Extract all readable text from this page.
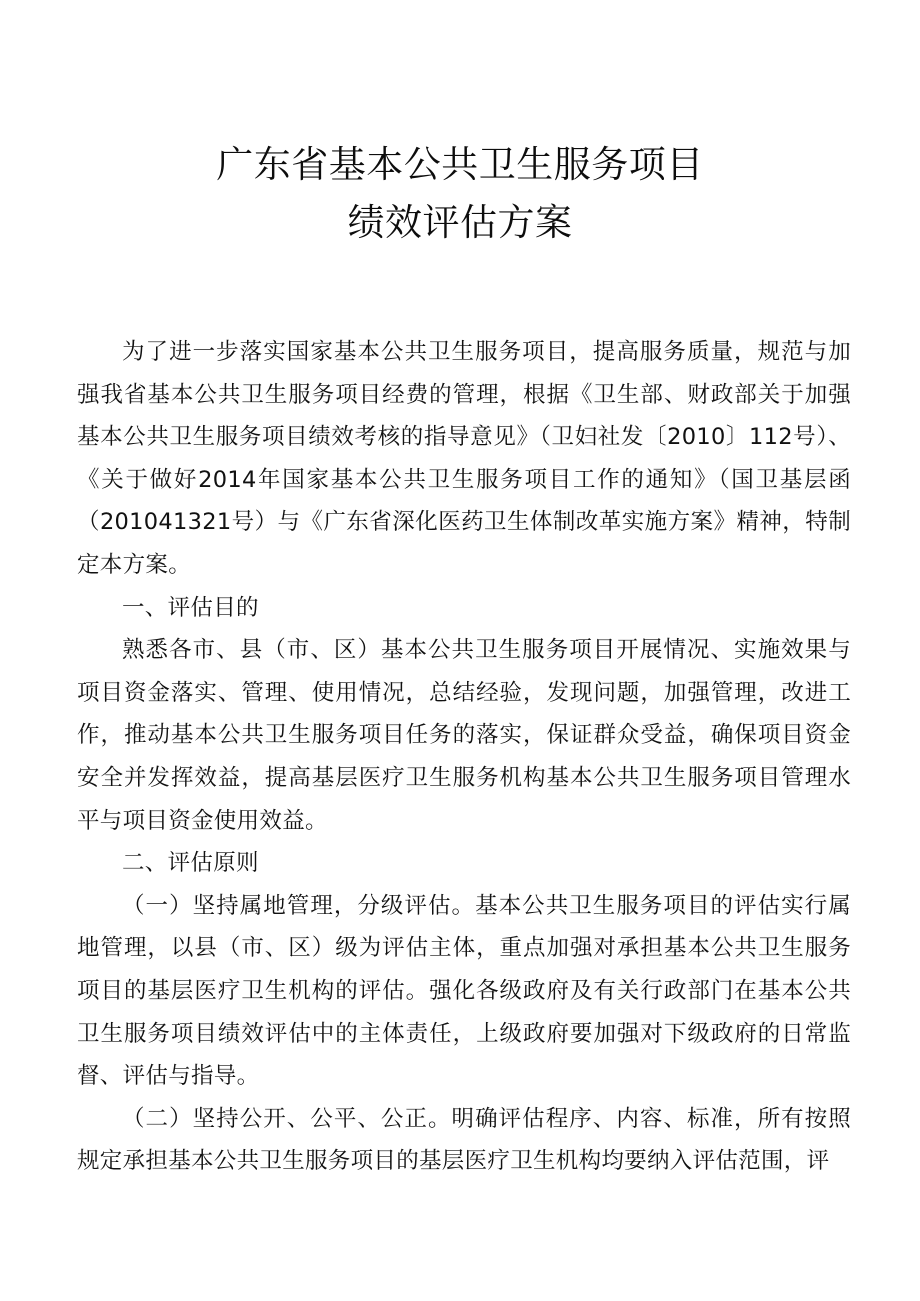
广东省基本公共卫生服务项目
绩效评估方案

为了进一步落实国家基本公共卫生服务项目，提高服务质量，规范与加强我省基本公共卫生服务项目经费的管理，根据《卫生部、财政部关于加强基本公共卫生服务项目绩效考核的指导意见》（卫妇社发〔2010〕112号）、《关于做好2014年国家基本公共卫生服务项目工作的通知》（国卫基层函（201041321号）与《广东省深化医药卫生体制改革实施方案》精神，特制定本方案。

一、评估目的

熟悉各市、县（市、区）基本公共卫生服务项目开展情况、实施效果与项目资金落实、管理、使用情况，总结经验，发现问题，加强管理，改进工作，推动基本公共卫生服务项目任务的落实，保证群众受益，确保项目资金安全并发挥效益，提高基层医疗卫生服务机构基本公共卫生服务项目管理水平与项目资金使用效益。

二、评估原则

（一）坚持属地管理，分级评估。基本公共卫生服务项目的评估实行属地管理，以县（市、区）级为评估主体，重点加强对承担基本公共卫生服务项目的基层医疗卫生机构的评估。强化各级政府及有关行政部门在基本公共卫生服务项目绩效评估中的主体责任，上级政府要加强对下级政府的日常监督、评估与指导。

（二）坚持公开、公平、公正。明确评估程序、内容、标准，所有按照规定承担基本公共卫生服务项目的基层医疗卫生机构均要纳入评估范围，评
